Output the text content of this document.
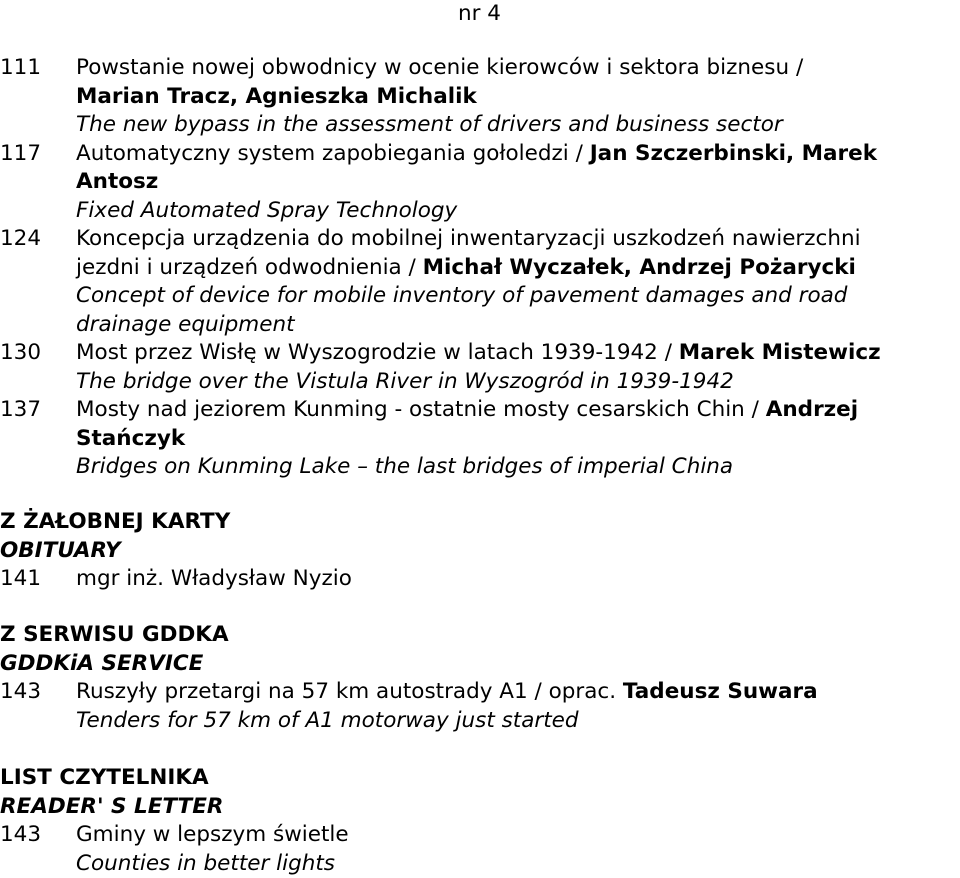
nr 4
111 Powstanie nowej obwodnicy w ocenie kierowców i sektora biznesu /
Marian Tracz, Agnieszka Michalik
The new bypass in the assessment of drivers and business sector
117 Automatyczny system zapobiegania gołoledzi / Jan Szczerbinski, Marek
Antosz
Fixed Automated Spray Technology
124 Koncepcja urządzenia do mobilnej inwentaryzacji uszkodzeń nawierzchni
jezdni i urządzeń odwodnienia / Michał Wyczałek, Andrzej Pożarycki
Concept of device for mobile inventory of pavement damages and road
drainage equipment
130 Most przez Wisłę w Wyszogrodzie w latach 1939-1942 / Marek Mistewicz
The bridge over the Vistula River in Wyszogród in 1939-1942
137 Mosty nad jeziorem Kunming - ostatnie mosty cesarskich Chin / Andrzej
Stańczyk
Bridges on Kunming Lake – the last bridges of imperial China
Z ŻAŁOBNEJ KARTY
OBITUARY
141 mgr inż. Władysław Nyzio
Z SERWISU GDDKA
GDDKiA SERVICE
143 Ruszyły przetargi na 57 km autostrady A1 / oprac. Tadeusz Suwara
Tenders for 57 km of A1 motorway just started
LIST CZYTELNIKA
READER' S LETTER
143 Gminy w lepszym świetle
Counties in better lights
